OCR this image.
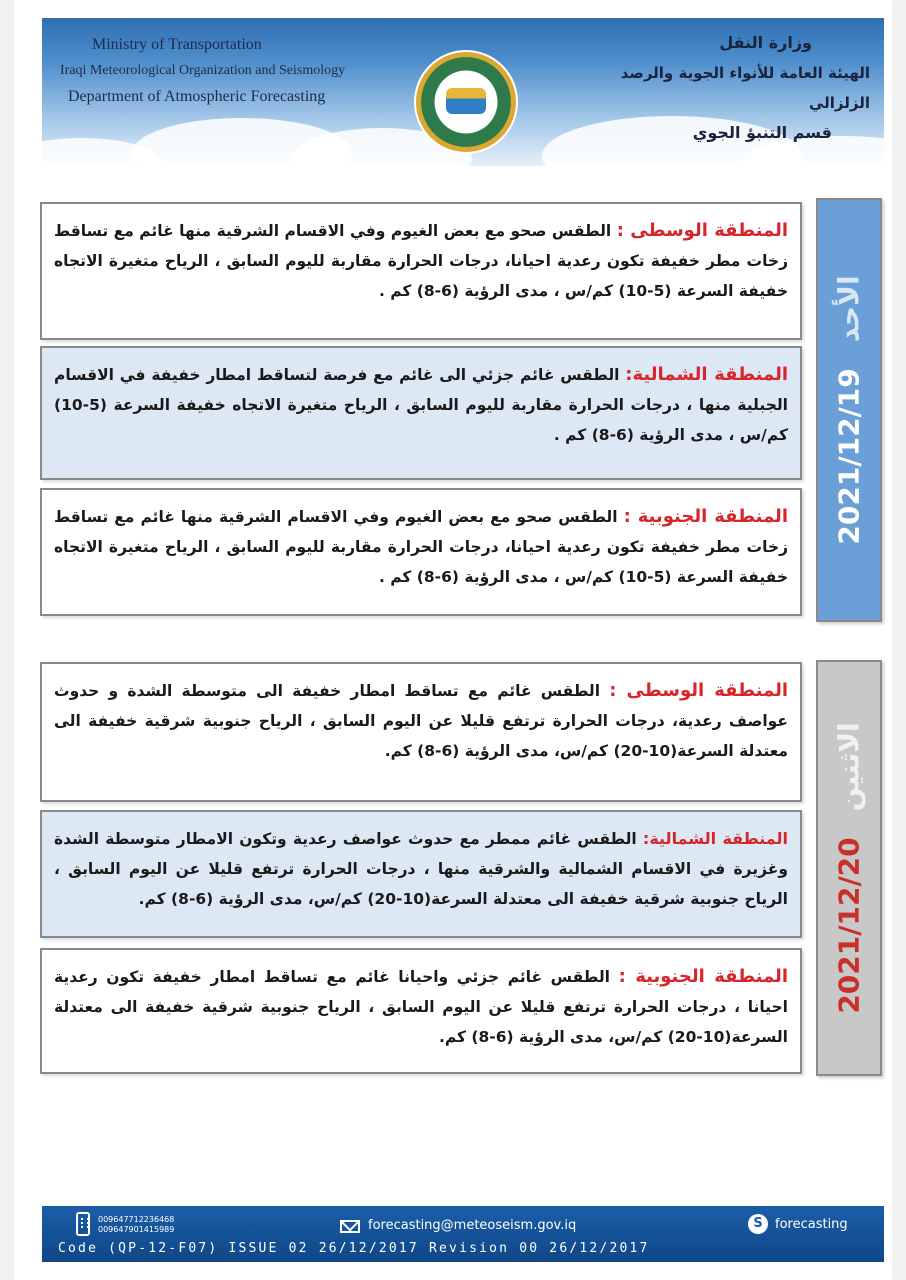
Ministry of Transportation
Iraqi Meteorological Organization and Seismology
Department of Atmospheric Forecasting
وزارة النقل
الهيئة العامة للأنواء الجوية والرصد الزلزالي
قسم التنبؤ الجوي
المنطقة الوسطى : الطقس صحو مع بعض الغيوم وفي الاقسام الشرقية منها غائم مع تساقط زخات مطر خفيفة تكون رعدية احيانا، درجات الحرارة مقاربة لليوم السابق ، الرياح متغيرة الاتجاه خفيفة السرعة (5-10) كم/س ، مدى الرؤية (6-8) كم .
المنطقة الشمالية: الطقس غائم جزئي الى غائم مع فرصة لتساقط امطار خفيفة في الاقسام الجبلية منها ، درجات الحرارة مقاربة لليوم السابق ، الرياح متغيرة الاتجاه خفيفة السرعة (5-10) كم/س ، مدى الرؤية (6-8) كم .
المنطقة الجنوبية : الطقس صحو مع بعض الغيوم وفي الاقسام الشرقية منها غائم مع تساقط زخات مطر خفيفة تكون رعدية احيانا، درجات الحرارة مقاربة لليوم السابق ، الرياح متغيرة الاتجاه خفيفة السرعة (5-10) كم/س ، مدى الرؤية (6-8) كم .
2021/12/19الأحد
المنطقة الوسطى : الطقس غائم مع تساقط امطار خفيفة الى متوسطة الشدة و حدوث عواصف رعدية، درجات الحرارة ترتفع قليلا عن اليوم السابق ، الرياح جنوبية شرقية خفيفة الى معتدلة السرعة(10-20) كم/س، مدى الرؤية (6-8) كم.
المنطقة الشمالية: الطقس غائم ممطر مع حدوث عواصف رعدية وتكون الامطار متوسطة الشدة وغزيرة في الاقسام الشمالية والشرقية منها ، درجات الحرارة ترتفع قليلا عن اليوم السابق ، الرياح جنوبية شرقية خفيفة الى معتدلة السرعة(10-20) كم/س، مدى الرؤية (6-8) كم.
المنطقة الجنوبية : الطقس غائم جزئي واحيانا غائم مع تساقط امطار خفيفة تكون رعدية احيانا ، درجات الحرارة ترتفع قليلا عن اليوم السابق ، الرياح جنوبية شرقية خفيفة الى معتدلة السرعة(10-20) كم/س، مدى الرؤية (6-8) كم.
2021/12/20الاثنين
009647712236468
009647901415989	forecasting@meteoseism.gov.iq	S forecasting
Code (QP-12-F07) ISSUE 02 26/12/2017 Revision 00 26/12/2017
